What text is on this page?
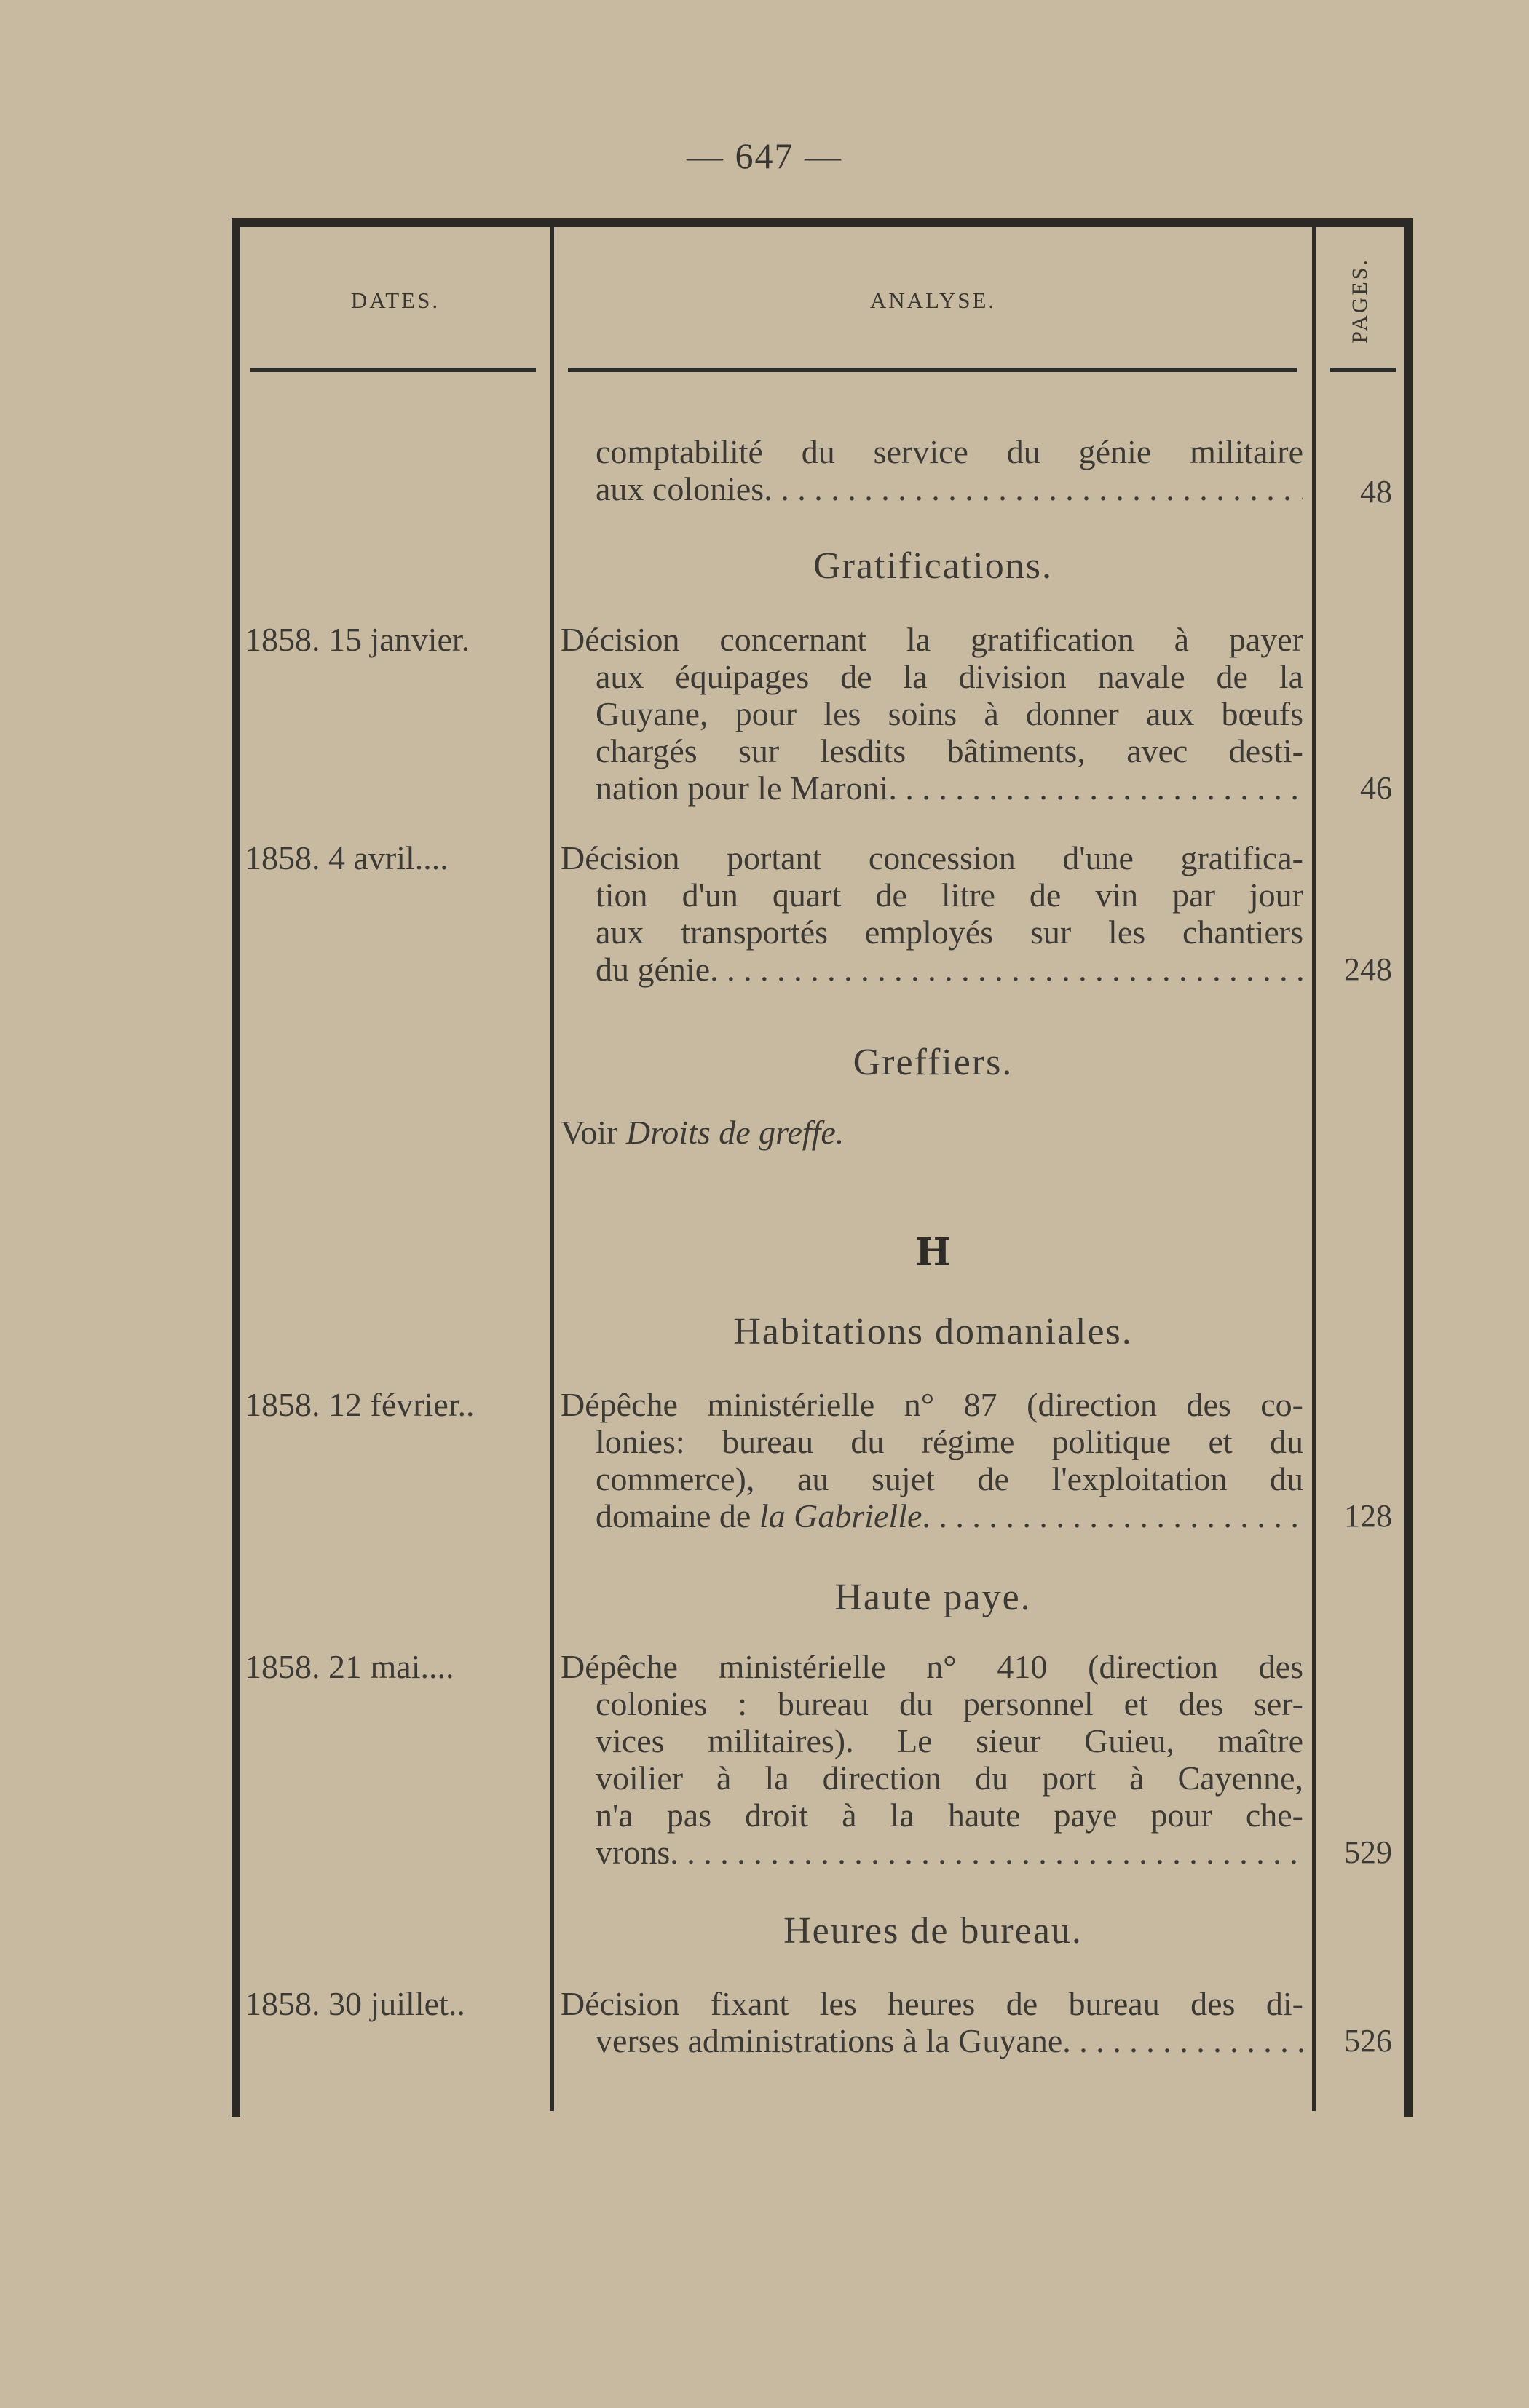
— 647 —
DATES.	ANALYSE.	PAGES.
comptabilité du service du génie militaire
aux colonies . . .	48
Gratifications.
1858. 15 janvier.	Décision concernant la gratification à payer
aux équipages de la division navale de la
Guyane, pour les soins à donner aux bœufs
chargés sur lesdits bâtiments, avec desti-
nation pour le Maroni . . .	46
1858. 4 avril....	Décision portant concession d'une gratifica-
tion d'un quart de litre de vin par jour
aux transportés employés sur les chantiers
du génie . . .	248
Greffiers.
Voir Droits de greffe.
H
Habitations domaniales.
1858. 12 février..	Dépêche ministérielle n° 87 (direction des co-
lonies: bureau du régime politique et du
commerce), au sujet de l'exploitation du
domaine de
la Gabrielle . . .	128
Haute paye.
1858. 21 mai....	Dépêche ministérielle n° 410 (direction des
colonies : bureau du personnel et des ser-
vices militaires). Le sieur Guieu, maître
voilier à la direction du port à Cayenne,
n'a pas droit à la haute paye pour che-
vrons . . .	529
Heures de bureau.
1858. 30 juillet..	Décision fixant les heures de bureau des di-
verses administrations à la Guyane . . .	526
